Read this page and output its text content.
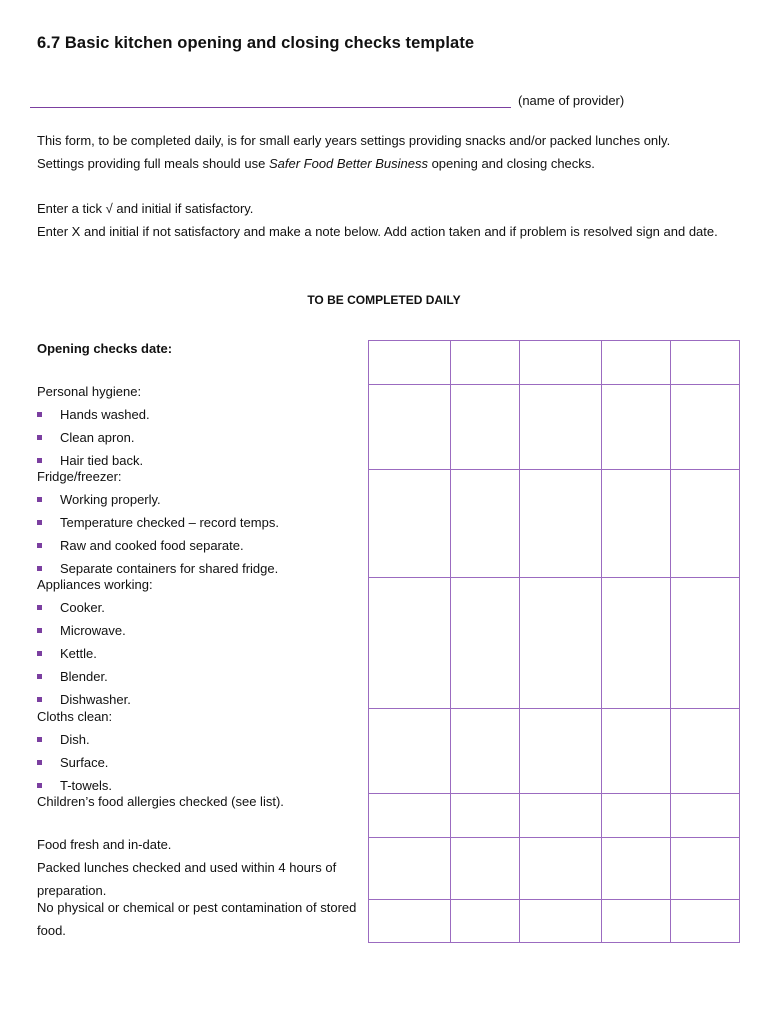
6.7 Basic kitchen opening and closing checks template
(name of provider)
This form, to be completed daily, is for small early years settings providing snacks and/or packed lunches only.
Settings providing full meals should use Safer Food Better Business opening and closing checks.
Enter a tick √ and initial if satisfactory.
Enter X and initial if not satisfactory and make a note below. Add action taken and if problem is resolved sign and date.
TO BE COMPLETED DAILY
Opening checks date:
Personal hygiene:
Hands washed.
Clean apron.
Hair tied back.
Fridge/freezer:
Working properly.
Temperature checked – record temps.
Raw and cooked food separate.
Separate containers for shared fridge.
Appliances working:
Cooker.
Microwave.
Kettle.
Blender.
Dishwasher.
Cloths clean:
Dish.
Surface.
T-towels.
Children’s food allergies checked (see list).
Food fresh and in-date.
Packed lunches checked and used within 4 hours of preparation.
No physical or chemical or pest contamination of stored food.
